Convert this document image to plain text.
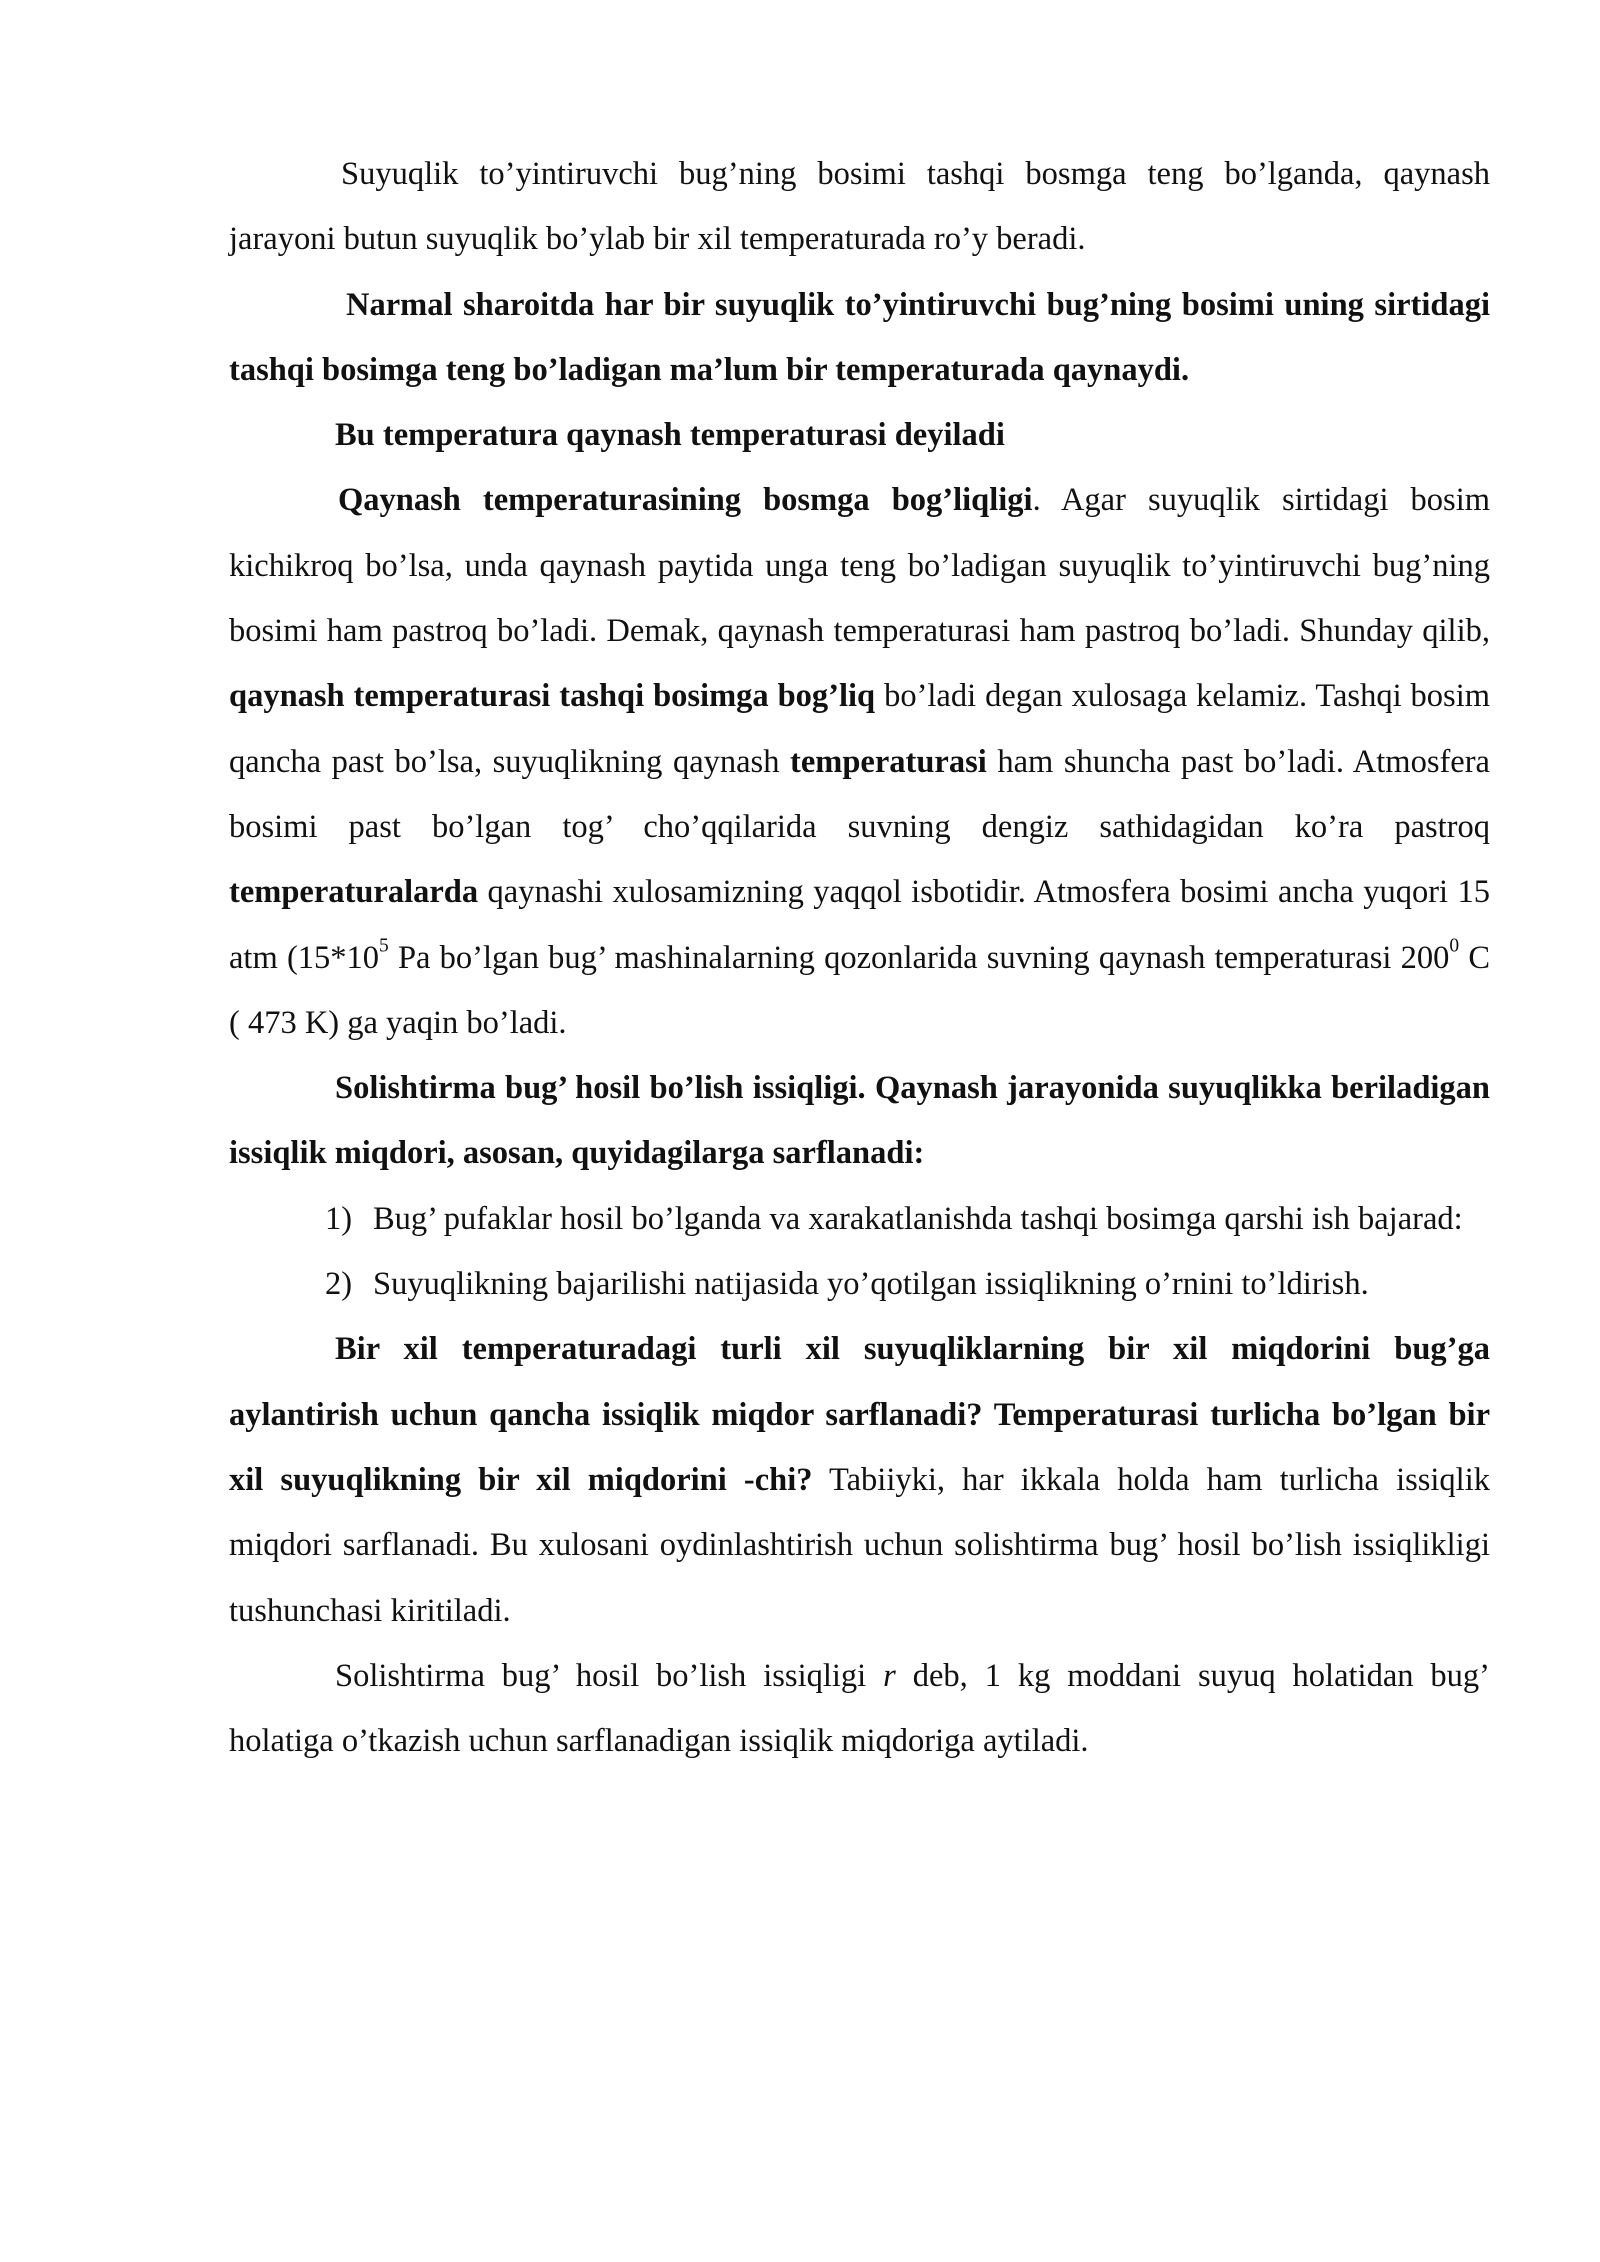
Suyuqlik to’yintiruvchi bug’ning bosimi tashqi bosmga teng bo’lganda, qaynash jarayoni butun suyuqlik bo’ylab bir xil temperaturada ro’y beradi.

Narmal sharoitda har bir suyuqlik to’yintiruvchi bug’ning bosimi uning sirtidagi tashqi bosimga teng bo’ladigan ma’lum bir temperaturada qaynaydi.

Bu temperatura qaynash temperaturasi deyiladi

Qaynash temperaturasining bosmga bog’liqligi. Agar suyuqlik sirtidagi bosim kichikroq bo’lsa, unda qaynash paytida unga teng bo’ladigan suyuqlik to’yintiruvchi bug’ning bosimi ham pastroq bo’ladi. Demak, qaynash temperaturasi ham pastroq bo’ladi. Shunday qilib, qaynash temperaturasi tashqi bosimga bog’liq bo’ladi degan xulosaga kelamiz. Tashqi bosim qancha past bo’lsa, suyuqlikning qaynash temperaturasi ham shuncha past bo’ladi. Atmosfera bosimi past bo’lgan tog’ cho’qqilarida suvning dengiz sathidagidan ko’ra pastroq temperaturalarda qaynashi xulosamizning yaqqol isbotidir. Atmosfera bosimi ancha yuqori 15 atm ($15*10^5$ Pa bo’lgan bug’ mashinalarning qozonlarida suvning qaynash temperaturasi $200^0$ C ( 473 K) ga yaqin bo’ladi.

Solishtirma bug’ hosil bo’lish issiqligi. Qaynash jarayonida suyuqlikka beriladigan issiqlik miqdori, asosan, quyidagilarga sarflanadi:

1) Bug’ pufaklar hosil bo’lganda va xarakatlanishda tashqi bosimga qarshi ish bajarad:
2) Suyuqlikning bajarilishi natijasida yo’qotilgan issiqlikning o’rnini to’ldirish.

Bir xil temperaturadagi turli xil suyuqliklarning bir xil miqdorini bug’ga aylantirish uchun qancha issiqlik miqdor sarflanadi? Temperaturasi turlicha bo’lgan bir xil suyuqlikning bir xil miqdorini -chi? Tabiiyki, har ikkala holda ham turlicha issiqlik miqdori sarflanadi. Bu xulosani oydinlashtirish uchun solishtirma bug’ hosil bo’lish issiqlikligi tushunchasi kiritiladi.

Solishtirma bug’ hosil bo’lish issiqligi r deb, 1 kg moddani suyuq holatidan bug’ holatiga o’tkazish uchun sarflanadigan issiqlik miqdoriga aytiladi.
